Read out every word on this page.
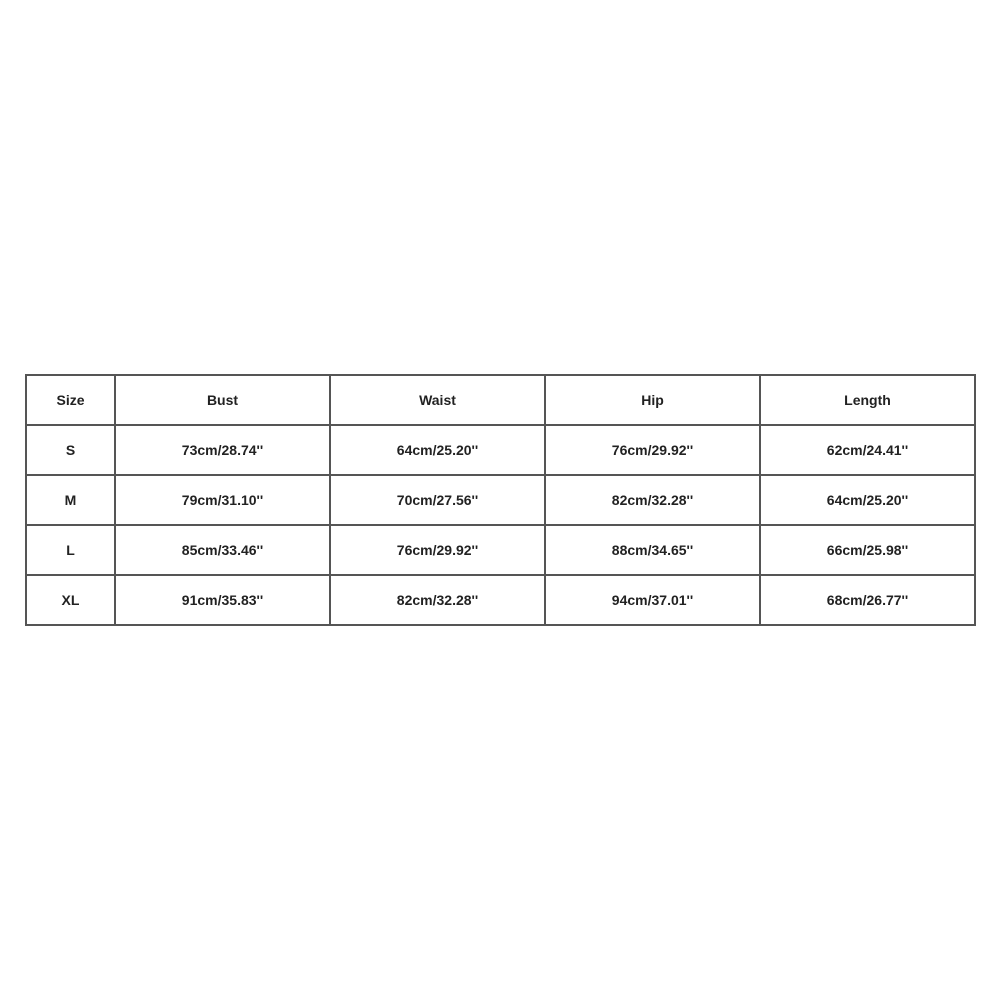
Size	Bust	Waist	Hip	Length
S	73cm/28.74''	64cm/25.20''	76cm/29.92''	62cm/24.41''
M	79cm/31.10''	70cm/27.56''	82cm/32.28''	64cm/25.20''
L	85cm/33.46''	76cm/29.92''	88cm/34.65''	66cm/25.98''
XL	91cm/35.83''	82cm/32.28''	94cm/37.01''	68cm/26.77''
